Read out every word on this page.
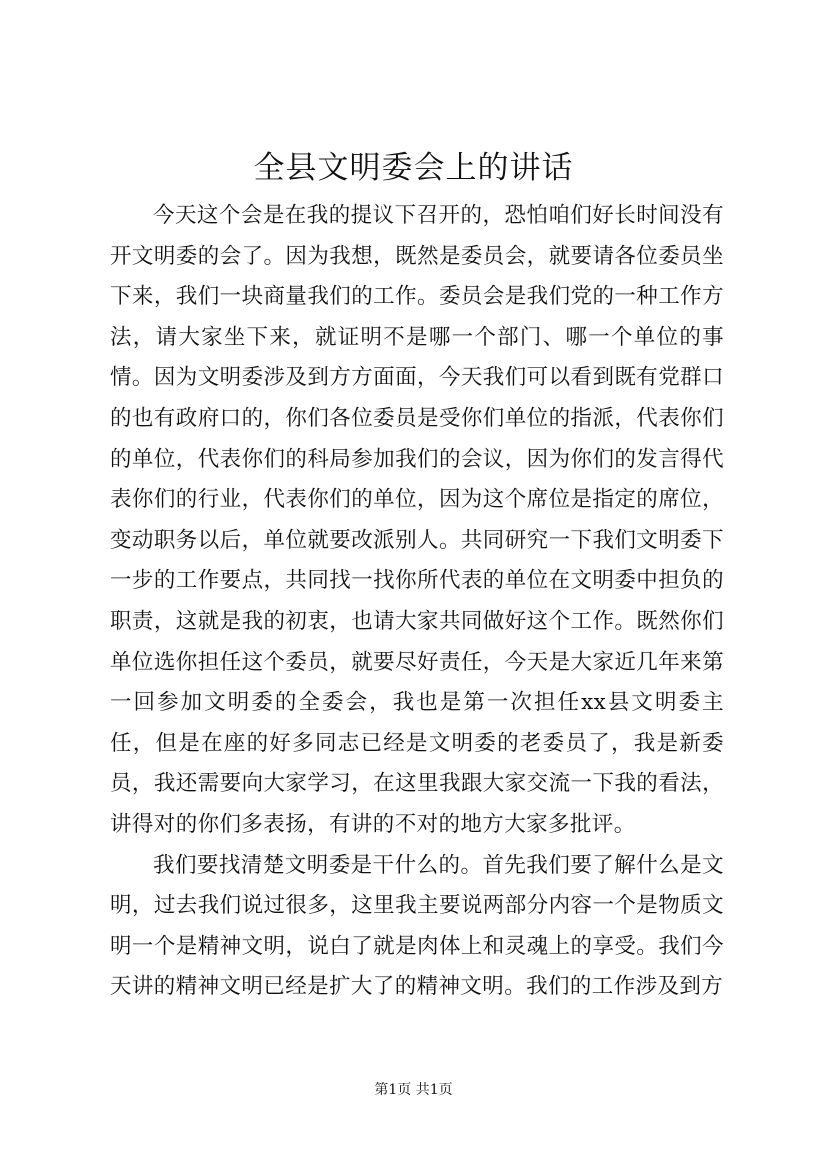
全县文明委会上的讲话

今天这个会是在我的提议下召开的，恐怕咱们好长时间没有开文明委的会了。因为我想，既然是委员会，就要请各位委员坐下来，我们一块商量我们的工作。委员会是我们党的一种工作方法，请大家坐下来，就证明不是哪一个部门、哪一个单位的事情。因为文明委涉及到方方面面，今天我们可以看到既有党群口的也有政府口的，你们各位委员是受你们单位的指派，代表你们的单位，代表你们的科局参加我们的会议，因为你们的发言得代表你们的行业，代表你们的单位，因为这个席位是指定的席位，变动职务以后，单位就要改派别人。共同研究一下我们文明委下一步的工作要点，共同找一找你所代表的单位在文明委中担负的职责，这就是我的初衷，也请大家共同做好这个工作。既然你们单位选你担任这个委员，就要尽好责任，今天是大家近几年来第一回参加文明委的全委会，我也是第一次担任xx县文明委主任，但是在座的好多同志已经是文明委的老委员了，我是新委员，我还需要向大家学习，在这里我跟大家交流一下我的看法，讲得对的你们多表扬，有讲的不对的地方大家多批评。

我们要找清楚文明委是干什么的。首先我们要了解什么是文明，过去我们说过很多，这里我主要说两部分内容一个是物质文明一个是精神文明，说白了就是肉体上和灵魂上的享受。我们今天讲的精神文明已经是扩大了的精神文明。我们的工作涉及到方

第1页 共1页
